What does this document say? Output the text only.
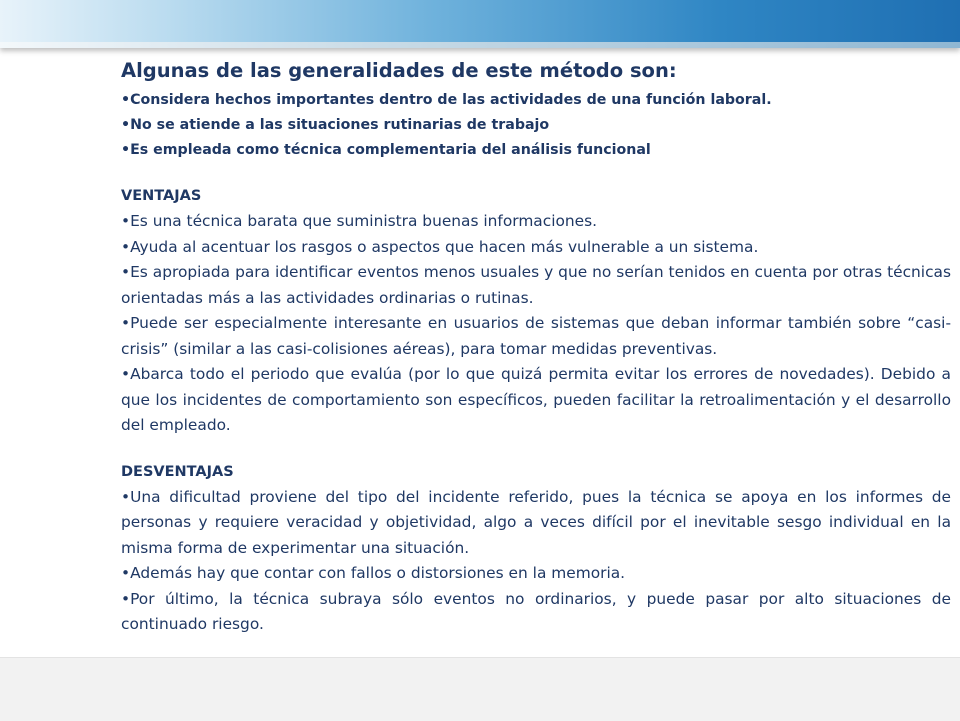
Algunas de las generalidades de este método son:
•Considera hechos importantes dentro de las actividades de una función laboral.
•No se atiende a las situaciones rutinarias de trabajo
•Es empleada como técnica complementaria del análisis funcional
VENTAJAS
•Es una técnica barata que suministra buenas informaciones.
•Ayuda al acentuar los rasgos o aspectos que hacen más vulnerable a un sistema.
•Es apropiada para identificar eventos menos usuales y que no serían tenidos en cuenta por otras técnicas orientadas más a las actividades ordinarias o rutinas.
•Puede ser especialmente interesante en usuarios de sistemas que deban informar también sobre “casi-crisis” (similar a las casi-colisiones aéreas), para tomar medidas preventivas.
•Abarca todo el periodo que evalúa (por lo que quizá permita evitar los errores de novedades). Debido a que los incidentes de comportamiento son específicos, pueden facilitar la retroalimentación y el desarrollo del empleado.
DESVENTAJAS
•Una dificultad proviene del tipo del incidente referido, pues la técnica se apoya en los informes de personas y requiere veracidad y objetividad, algo a veces difícil por el inevitable sesgo individual en la misma forma de experimentar una situación.
•Además hay que contar con fallos o distorsiones en la memoria.
•Por último, la técnica subraya sólo eventos no ordinarios, y puede pasar por alto situaciones de continuado riesgo.
